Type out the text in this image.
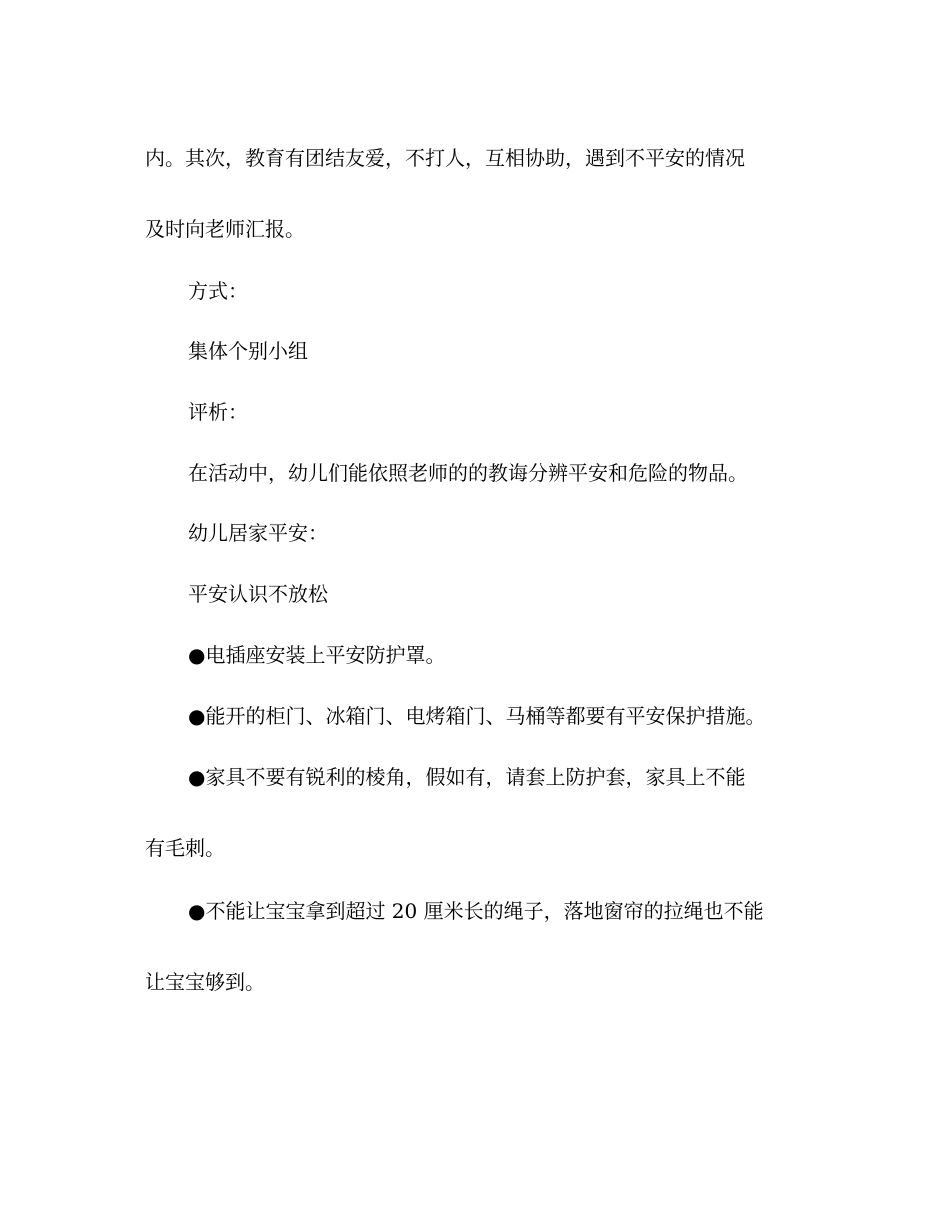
内。其次，教育有团结友爱，不打人，互相协助，遇到不平安的情况
及时向老师汇报。
方式：
集体个别小组
评析：
在活动中，幼儿们能依照老师的的教诲分辨平安和危险的物品。
幼儿居家平安：
平安认识不放松
●电插座安装上平安防护罩。
●能开的柜门、冰箱门、电烤箱门、马桶等都要有平安保护措施。
●家具不要有锐利的棱角，假如有，请套上防护套，家具上不能
有毛刺。
●不能让宝宝拿到超过 20 厘米长的绳子，落地窗帘的拉绳也不能
让宝宝够到。
